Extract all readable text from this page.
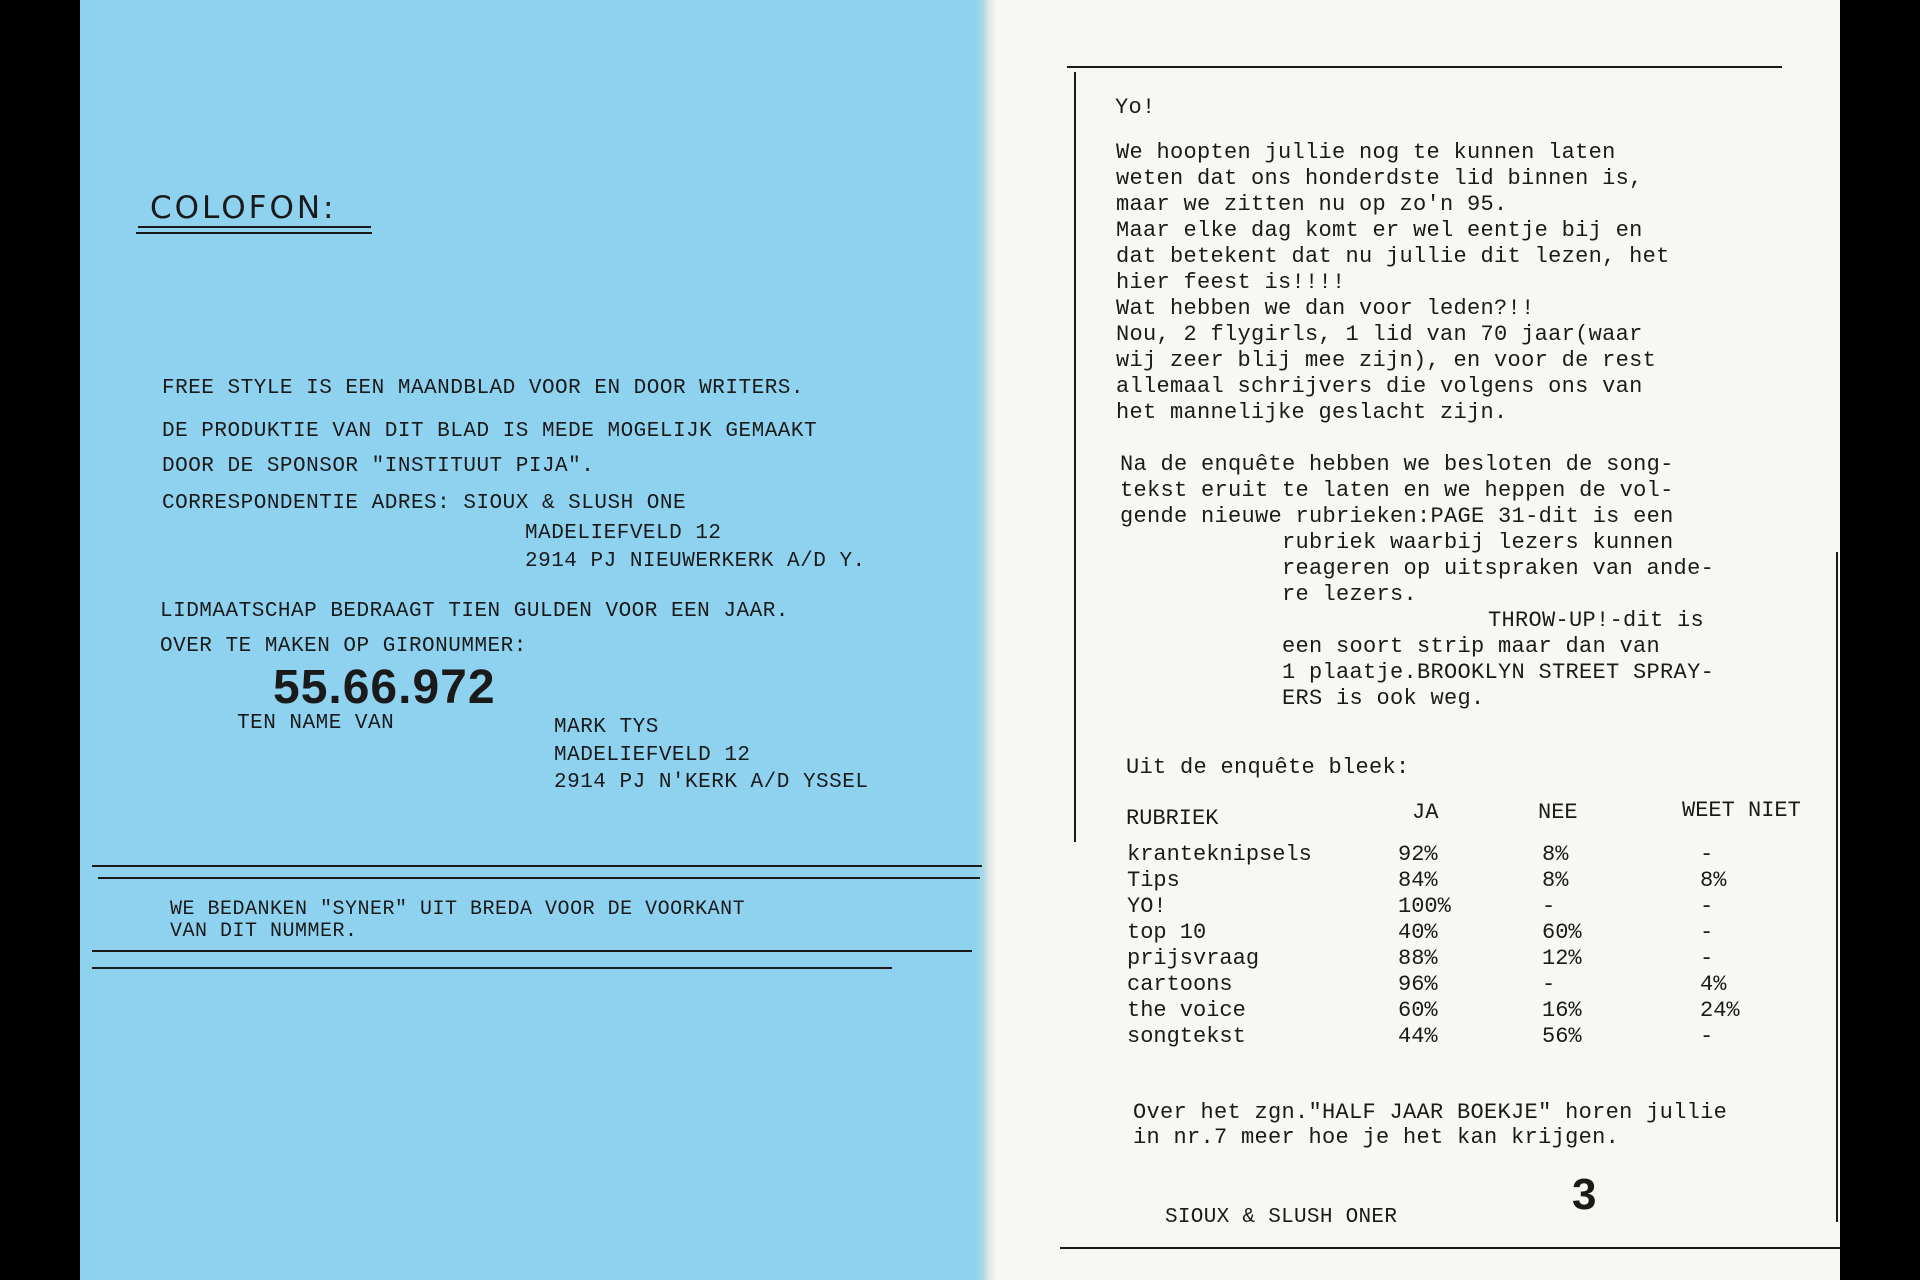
COLOFON:
FREE STYLE IS EEN MAANDBLAD VOOR EN DOOR WRITERS.
DE PRODUKTIE VAN DIT BLAD IS MEDE MOGELIJK GEMAAKT
DOOR DE SPONSOR "INSTITUUT PIJA".
CORRESPONDENTIE ADRES: SIOUX & SLUSH ONE
MADELIEFVELD 12
2914 PJ NIEUWERKERK A/D Y.
LIDMAATSCHAP BEDRAAGT TIEN GULDEN VOOR EEN JAAR.
OVER TE MAKEN OP GIRONUMMER:
55.66.972
TEN NAME VAN	MARK TYS
MADELIEFVELD 12
2914 PJ N'KERK A/D YSSEL
WE BEDANKEN "SYNER" UIT BREDA VOOR DE VOORKANT
VAN DIT NUMMER.
Yo!
We hoopten jullie nog te kunnen laten
weten dat ons honderdste lid binnen is,
maar we zitten nu op zo'n 95.
Maar elke dag komt er wel eentje bij en
dat betekent dat nu jullie dit lezen, het
hier feest is!!!!
Wat hebben we dan voor leden?!!
Nou, 2 flygirls, 1 lid van 70 jaar(waar
wij zeer blij mee zijn), en voor de rest
allemaal schrijvers die volgens ons van
het mannelijke geslacht zijn.
Na de enquête hebben we besloten de song-
tekst eruit te laten en we heppen de vol-
gende nieuwe rubrieken:PAGE 31-dit is een
rubriek waarbij lezers kunnen
reageren op uitspraken van ande-
re lezers.
THROW-UP!-dit is
een soort strip maar dan van
1 plaatje.BROOKLYN STREET SPRAY-
ERS is ook weg.
Uit de enquête bleek:
RUBRIEK	JA	NEE	WEET NIET
kranteknipsels	92%	8%	-
Tips	84%	8%	8%
YO!	100%	-	-
top 10	40%	60%	-
prijsvraag	88%	12%	-
cartoons	96%	-	4%
the voice	60%	16%	24%
songtekst	44%	56%	-
Over het zgn."HALF JAAR BOEKJE" horen jullie
in nr.7 meer hoe je het kan krijgen.
SIOUX & SLUSH ONER	3
